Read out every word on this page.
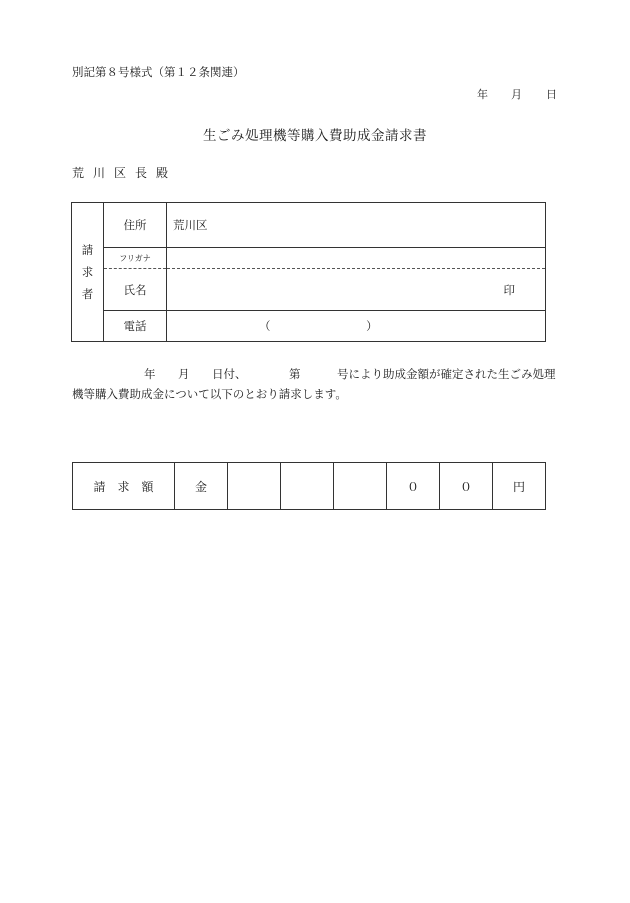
別記第８号様式（第１２条関連）
年 月 日
生ごみ処理機等購入費助成金請求書
荒川区長殿
請
求
者	住所	荒川区
	フリガナ	
	氏名	印

	電話	（ ）
年 月 日付、	第	号により助成金額が確定された生ごみ処理
機等購入費助成金について以下のとおり請求します。
請　求　額	金				０	０	円
